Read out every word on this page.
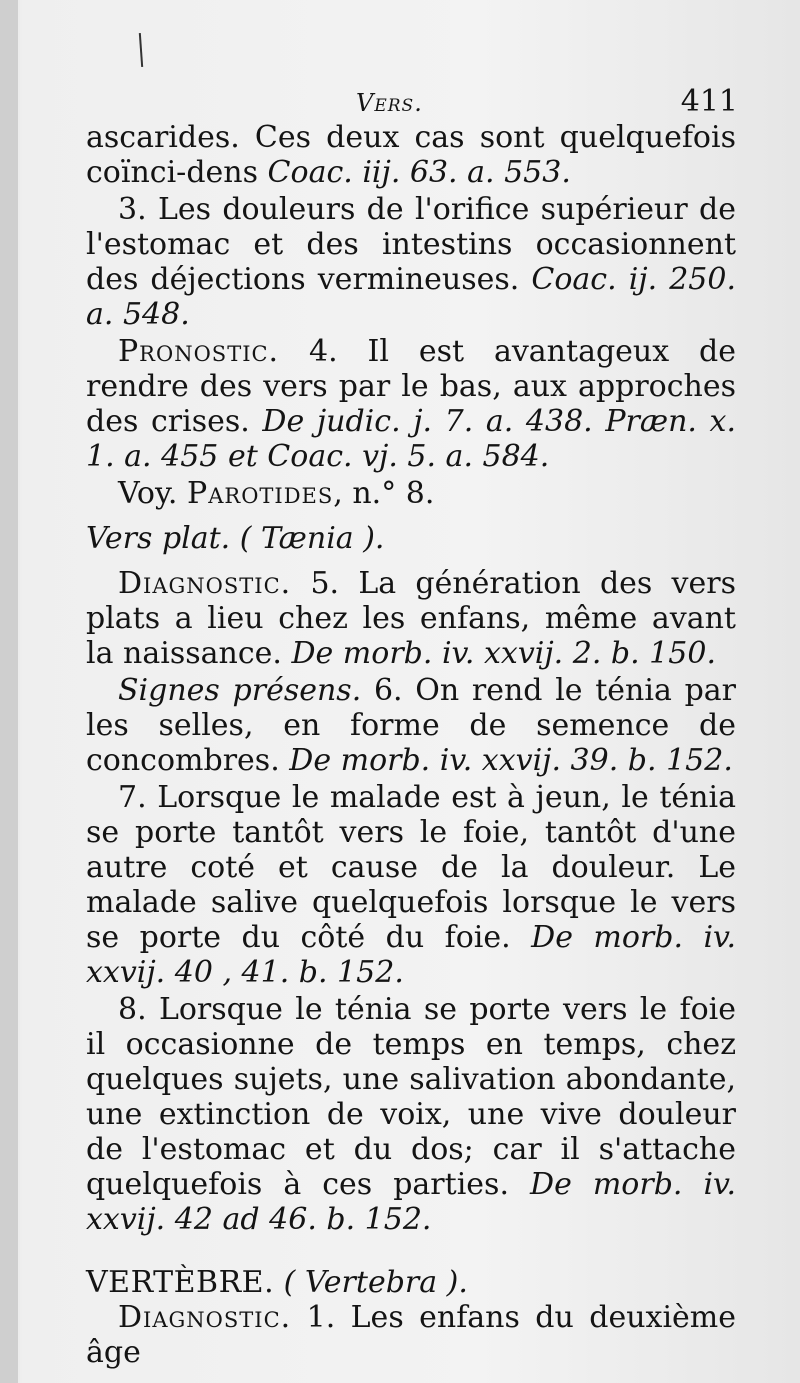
Vers.	411

ascarides. Ces deux cas sont quelquefois coïnci-dens Coac. iij. 63. a. 553.

3. Les douleurs de l'orifice supérieur de l'estomac et des intestins occasionnent des déjections vermineuses. Coac. ij. 250. a. 548.

Pronostic. 4. Il est avantageux de rendre des vers par le bas, aux approches des crises. De judic. j. 7. a. 438. Præn. x. 1. a. 455 et Coac. vj. 5. a. 584.

Voy. Parotides, n.° 8.

Vers plat. ( Tænia ).

Diagnostic. 5. La génération des vers plats a lieu chez les enfans, même avant la naissance. De morb. iv. xxvij. 2. b. 150.

Signes présens. 6. On rend le ténia par les selles, en forme de semence de concombres. De morb. iv. xxvij. 39. b. 152.

7. Lorsque le malade est à jeun, le ténia se porte tantôt vers le foie, tantôt d'une autre coté et cause de la douleur. Le malade salive quelquefois lorsque le vers se porte du côté du foie. De morb. iv. xxvij. 40 , 41. b. 152.

8. Lorsque le ténia se porte vers le foie il occasionne de temps en temps, chez quelques sujets, une salivation abondante, une extinction de voix, une vive douleur de l'estomac et du dos; car il s'attache quelquefois à ces parties. De morb. iv. xxvij. 42 ad 46. b. 152.

VERTÈBRE. ( Vertebra ).

Diagnostic. 1. Les enfans du deuxième âge
